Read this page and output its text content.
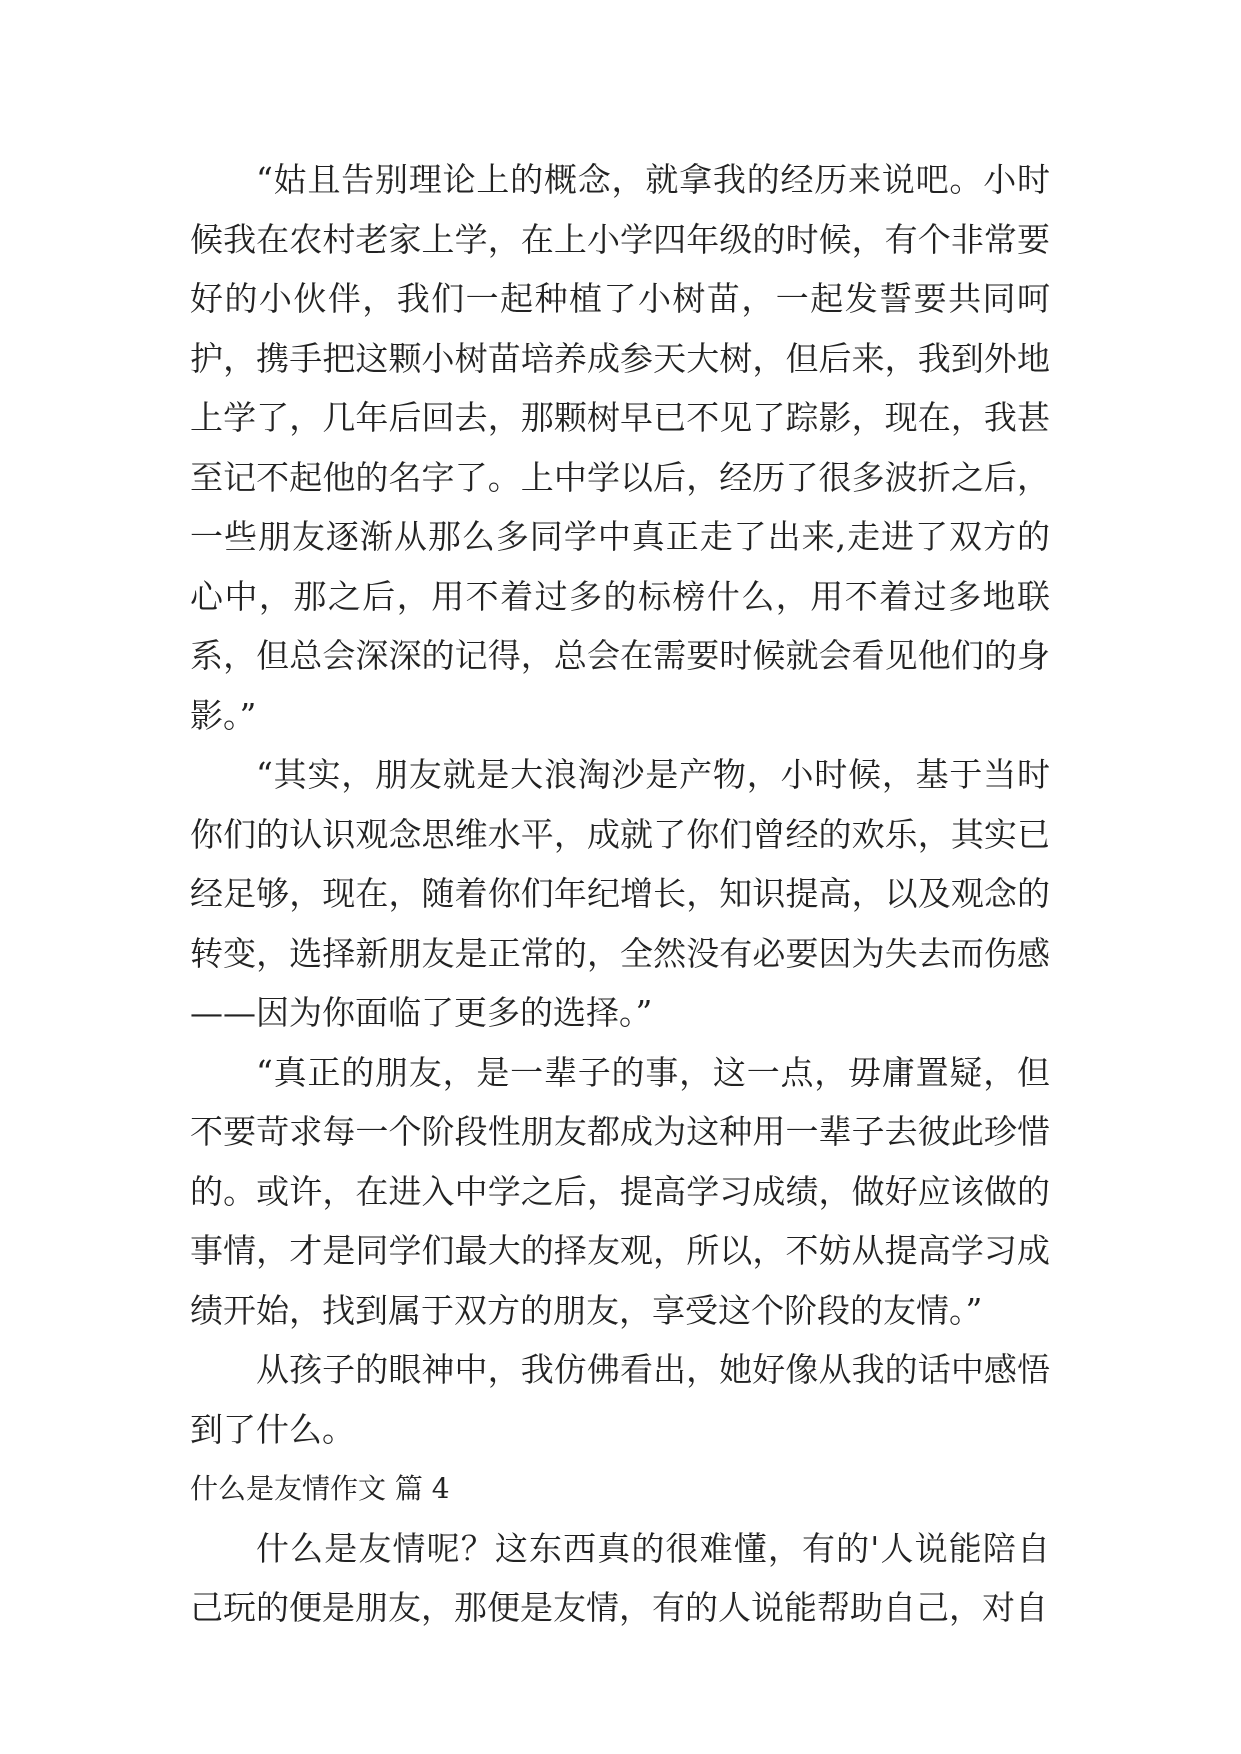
“姑且告别理论上的概念，就拿我的经历来说吧。小时候我在农村老家上学，在上小学四年级的时候，有个非常要好的小伙伴，我们一起种植了小树苗，一起发誓要共同呵护，携手把这颗小树苗培养成参天大树，但后来，我到外地上学了，几年后回去，那颗树早已不见了踪影，现在，我甚至记不起他的名字了。上中学以后，经历了很多波折之后，一些朋友逐渐从那么多同学中真正走了出来,走进了双方的心中，那之后，用不着过多的标榜什么，用不着过多地联系，但总会深深的记得，总会在需要时候就会看见他们的身影。”

“其实，朋友就是大浪淘沙是产物，小时候，基于当时你们的认识观念思维水平，成就了你们曾经的欢乐，其实已经足够，现在，随着你们年纪增长，知识提高，以及观念的转变，选择新朋友是正常的，全然没有必要因为失去而伤感——因为你面临了更多的选择。”

“真正的朋友，是一辈子的事，这一点，毋庸置疑，但不要苛求每一个阶段性朋友都成为这种用一辈子去彼此珍惜的。或许，在进入中学之后，提高学习成绩，做好应该做的事情，才是同学们最大的择友观，所以，不妨从提高学习成绩开始，找到属于双方的朋友，享受这个阶段的友情。”

从孩子的眼神中，我仿佛看出，她好像从我的话中感悟到了什么。

什么是友情作文 篇 4

什么是友情呢？这东西真的很难懂，有的'人说能陪自己玩的便是朋友，那便是友情，有的人说能帮助自己，对自
